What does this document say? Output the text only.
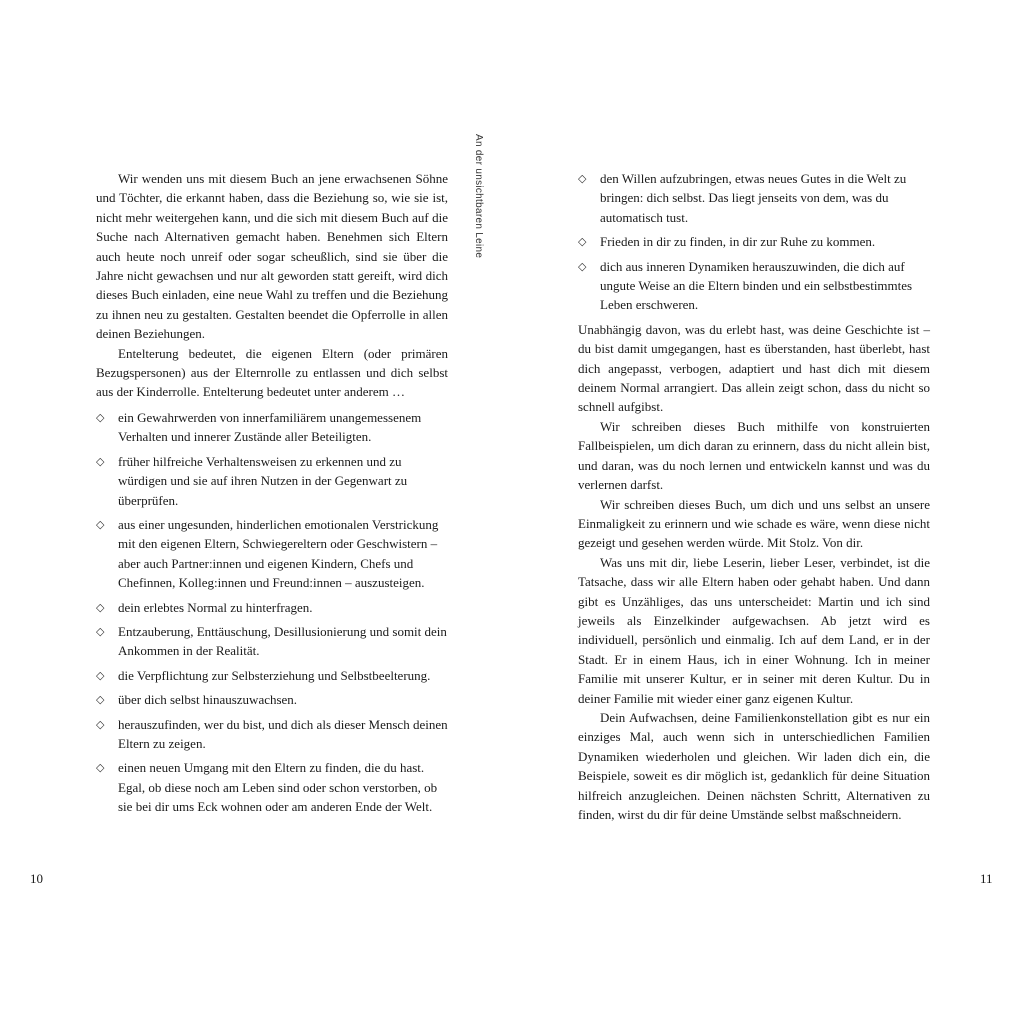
Wir wenden uns mit diesem Buch an jene erwachsenen Söhne und Töchter, die erkannt haben, dass die Beziehung so, wie sie ist, nicht mehr weitergehen kann, und die sich mit diesem Buch auf die Suche nach Alternativen gemacht haben. Benehmen sich Eltern auch heute noch unreif oder sogar scheußlich, sind sie über die Jahre nicht gewachsen und nur alt geworden statt gereift, wird dich dieses Buch einladen, eine neue Wahl zu treffen und die Beziehung zu ihnen neu zu gestalten. Gestalten beendet die Opferrolle in allen deinen Beziehungen.

Entelterung bedeutet, die eigenen Eltern (oder primären Bezugspersonen) aus der Elternrolle zu entlassen und dich selbst aus der Kinderrolle. Entelterung bedeutet unter anderem …

◇ ein Gewahrwerden von innerfamiliärem unangemessenem Verhalten und innerer Zustände aller Beteiligten.
◇ früher hilfreiche Verhaltensweisen zu erkennen und zu würdigen und sie auf ihren Nutzen in der Gegenwart zu überprüfen.
◇ aus einer ungesunden, hinderlichen emotionalen Verstrickung mit den eigenen Eltern, Schwiegereltern oder Geschwistern – aber auch Partner:innen und eigenen Kindern, Chefs und Chefinnen, Kolleg:innen und Freund:innen – auszusteigen.
◇ dein erlebtes Normal zu hinterfragen.
◇ Entzauberung, Enttäuschung, Desillusionierung und somit dein Ankommen in der Realität.
◇ die Verpflichtung zur Selbsterziehung und Selbstbeelterung.
◇ über dich selbst hinauszuwachsen.
◇ herauszufinden, wer du bist, und dich als dieser Mensch deinen Eltern zu zeigen.
◇ einen neuen Umgang mit den Eltern zu finden, die du hast. Egal, ob diese noch am Leben sind oder schon verstorben, ob sie bei dir ums Eck wohnen oder am anderen Ende der Welt.
10
◇ den Willen aufzubringen, etwas neues Gutes in die Welt zu bringen: dich selbst. Das liegt jenseits von dem, was du automatisch tust.
◇ Frieden in dir zu finden, in dir zur Ruhe zu kommen.
◇ dich aus inneren Dynamiken herauszuwinden, die dich auf ungute Weise an die Eltern binden und ein selbstbestimmtes Leben erschweren.

Unabhängig davon, was du erlebt hast, was deine Geschichte ist – du bist damit umgegangen, hast es überstanden, hast überlebt, hast dich angepasst, verbogen, adaptiert und hast dich mit diesem deinem Normal arrangiert. Das allein zeigt schon, dass du nicht so schnell aufgibst.

Wir schreiben dieses Buch mithilfe von konstruierten Fallbeispielen, um dich daran zu erinnern, dass du nicht allein bist, und daran, was du noch lernen und entwickeln kannst und was du verlernen darfst.

Wir schreiben dieses Buch, um dich und uns selbst an unsere Einmaligkeit zu erinnern und wie schade es wäre, wenn diese nicht gezeigt und gesehen werden würde. Mit Stolz. Von dir.

Was uns mit dir, liebe Leserin, lieber Leser, verbindet, ist die Tatsache, dass wir alle Eltern haben oder gehabt haben. Und dann gibt es Unzähliges, das uns unterscheidet: Martin und ich sind jeweils als Einzelkinder aufgewachsen. Ab jetzt wird es individuell, persönlich und einmalig. Ich auf dem Land, er in der Stadt. Er in einem Haus, ich in einer Wohnung. Ich in meiner Familie mit unserer Kultur, er in seiner mit deren Kultur. Du in deiner Familie mit wieder einer ganz eigenen Kultur.

Dein Aufwachsen, deine Familienkonstellation gibt es nur ein einziges Mal, auch wenn sich in unterschiedlichen Familien Dynamiken wiederholen und gleichen. Wir laden dich ein, die Beispiele, soweit es dir möglich ist, gedanklich für deine Situation hilfreich anzugleichen. Deinen nächsten Schritt, Alternativen zu finden, wirst du dir für deine Umstände selbst maßschneidern.

11
An der unsichtbaren Leine
